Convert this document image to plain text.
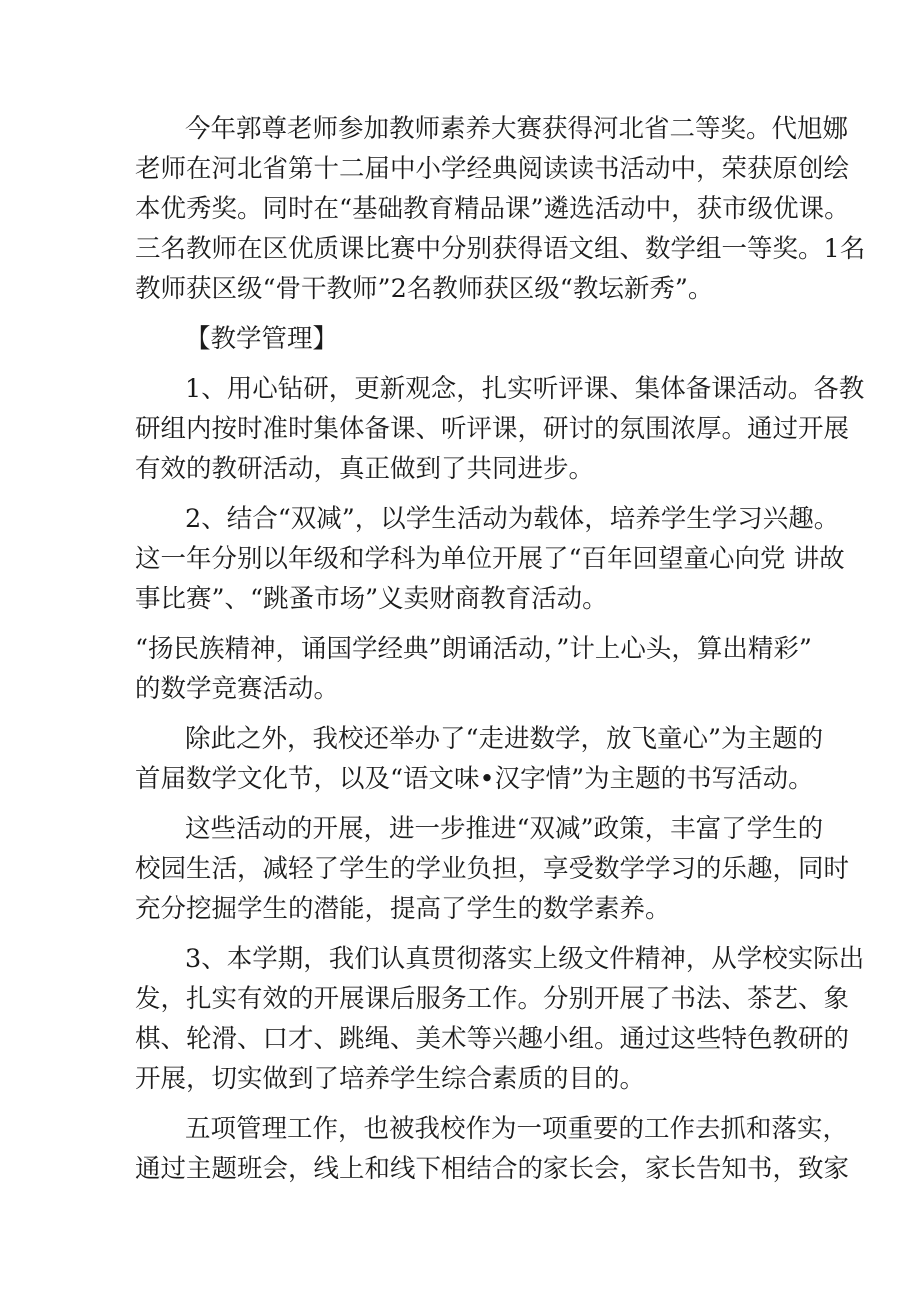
今年郭尊老师参加教师素养大赛获得河北省二等奖。代旭娜
老师在河北省第十二届中小学经典阅读读书活动中，荣获原创绘
本优秀奖。同时在“基础教育精品课”遴选活动中，获市级优课。
三名教师在区优质课比赛中分别获得语文组、数学组一等奖。1名
教师获区级“骨干教师”2名教师获区级“教坛新秀”。
【教学管理】
1、用心钻研，更新观念，扎实听评课、集体备课活动。各教
研组内按时准时集体备课、听评课，研讨的氛围浓厚。通过开展
有效的教研活动，真正做到了共同进步。
2、结合“双减”，以学生活动为载体，培养学生学习兴趣。
这一年分别以年级和学科为单位开展了“百年回望童心向党 讲故
事比赛”、“跳蚤市场”义卖财商教育活动。
“扬民族精神，诵国学经典”朗诵活动，”计上心头，算出精彩”
的数学竞赛活动。
除此之外，我校还举办了“走进数学，放飞童心”为主题的
首届数学文化节，以及“语文味•汉字情”为主题的书写活动。
这些活动的开展，进一步推进“双减”政策，丰富了学生的
校园生活，减轻了学生的学业负担，享受数学学习的乐趣，同时
充分挖掘学生的潜能，提高了学生的数学素养。
3、本学期，我们认真贯彻落实上级文件精神，从学校实际出
发，扎实有效的开展课后服务工作。分别开展了书法、茶艺、象
棋、轮滑、口才、跳绳、美术等兴趣小组。通过这些特色教研的
开展，切实做到了培养学生综合素质的目的。
五项管理工作，也被我校作为一项重要的工作去抓和落实，
通过主题班会，线上和线下相结合的家长会，家长告知书，致家
